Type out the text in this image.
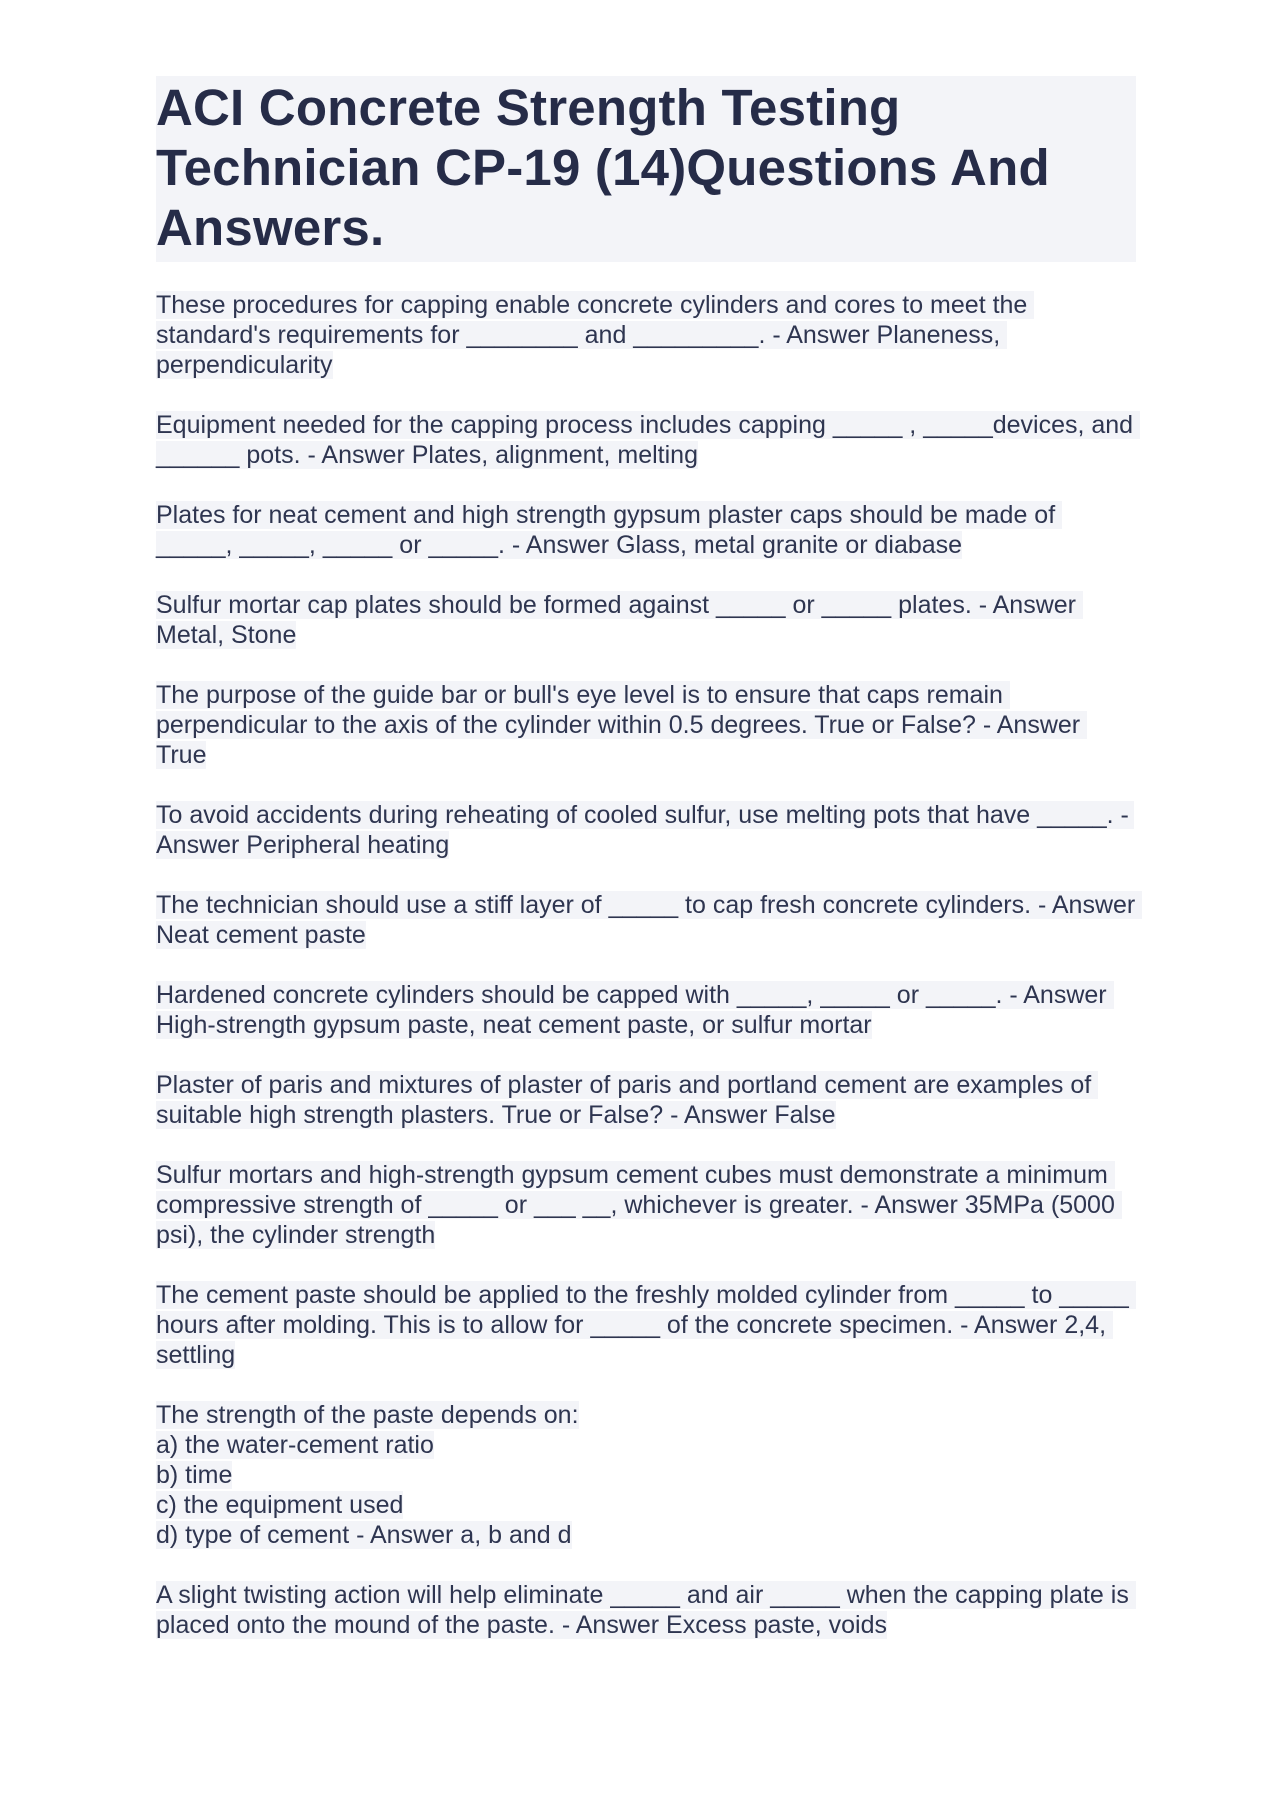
ACI Concrete Strength Testing Technician CP-19 (14)Questions And Answers.

These procedures for capping enable concrete cylinders and cores to meet the standard's requirements for ________ and _________. - Answer Planeness, perpendicularity

Equipment needed for the capping process includes capping _____ , _____devices, and ______ pots. - Answer Plates, alignment, melting

Plates for neat cement and high strength gypsum plaster caps should be made of _____, _____, _____ or _____. - Answer Glass, metal granite or diabase

Sulfur mortar cap plates should be formed against _____ or _____ plates. - Answer Metal, Stone

The purpose of the guide bar or bull's eye level is to ensure that caps remain perpendicular to the axis of the cylinder within 0.5 degrees. True or False? - Answer True

To avoid accidents during reheating of cooled sulfur, use melting pots that have _____. - Answer Peripheral heating

The technician should use a stiff layer of _____ to cap fresh concrete cylinders. - Answer Neat cement paste

Hardened concrete cylinders should be capped with _____, _____ or _____. - Answer High-strength gypsum paste, neat cement paste, or sulfur mortar

Plaster of paris and mixtures of plaster of paris and portland cement are examples of suitable high strength plasters. True or False? - Answer False

Sulfur mortars and high-strength gypsum cement cubes must demonstrate a minimum compressive strength of _____ or ___ __, whichever is greater. - Answer 35MPa (5000 psi), the cylinder strength

The cement paste should be applied to the freshly molded cylinder from _____ to _____ hours after molding. This is to allow for _____ of the concrete specimen. - Answer 2,4, settling

The strength of the paste depends on:
a) the water-cement ratio
b) time
c) the equipment used
d) type of cement - Answer a, b and d

A slight twisting action will help eliminate _____ and air _____ when the capping plate is placed onto the mound of the paste. - Answer Excess paste, voids
